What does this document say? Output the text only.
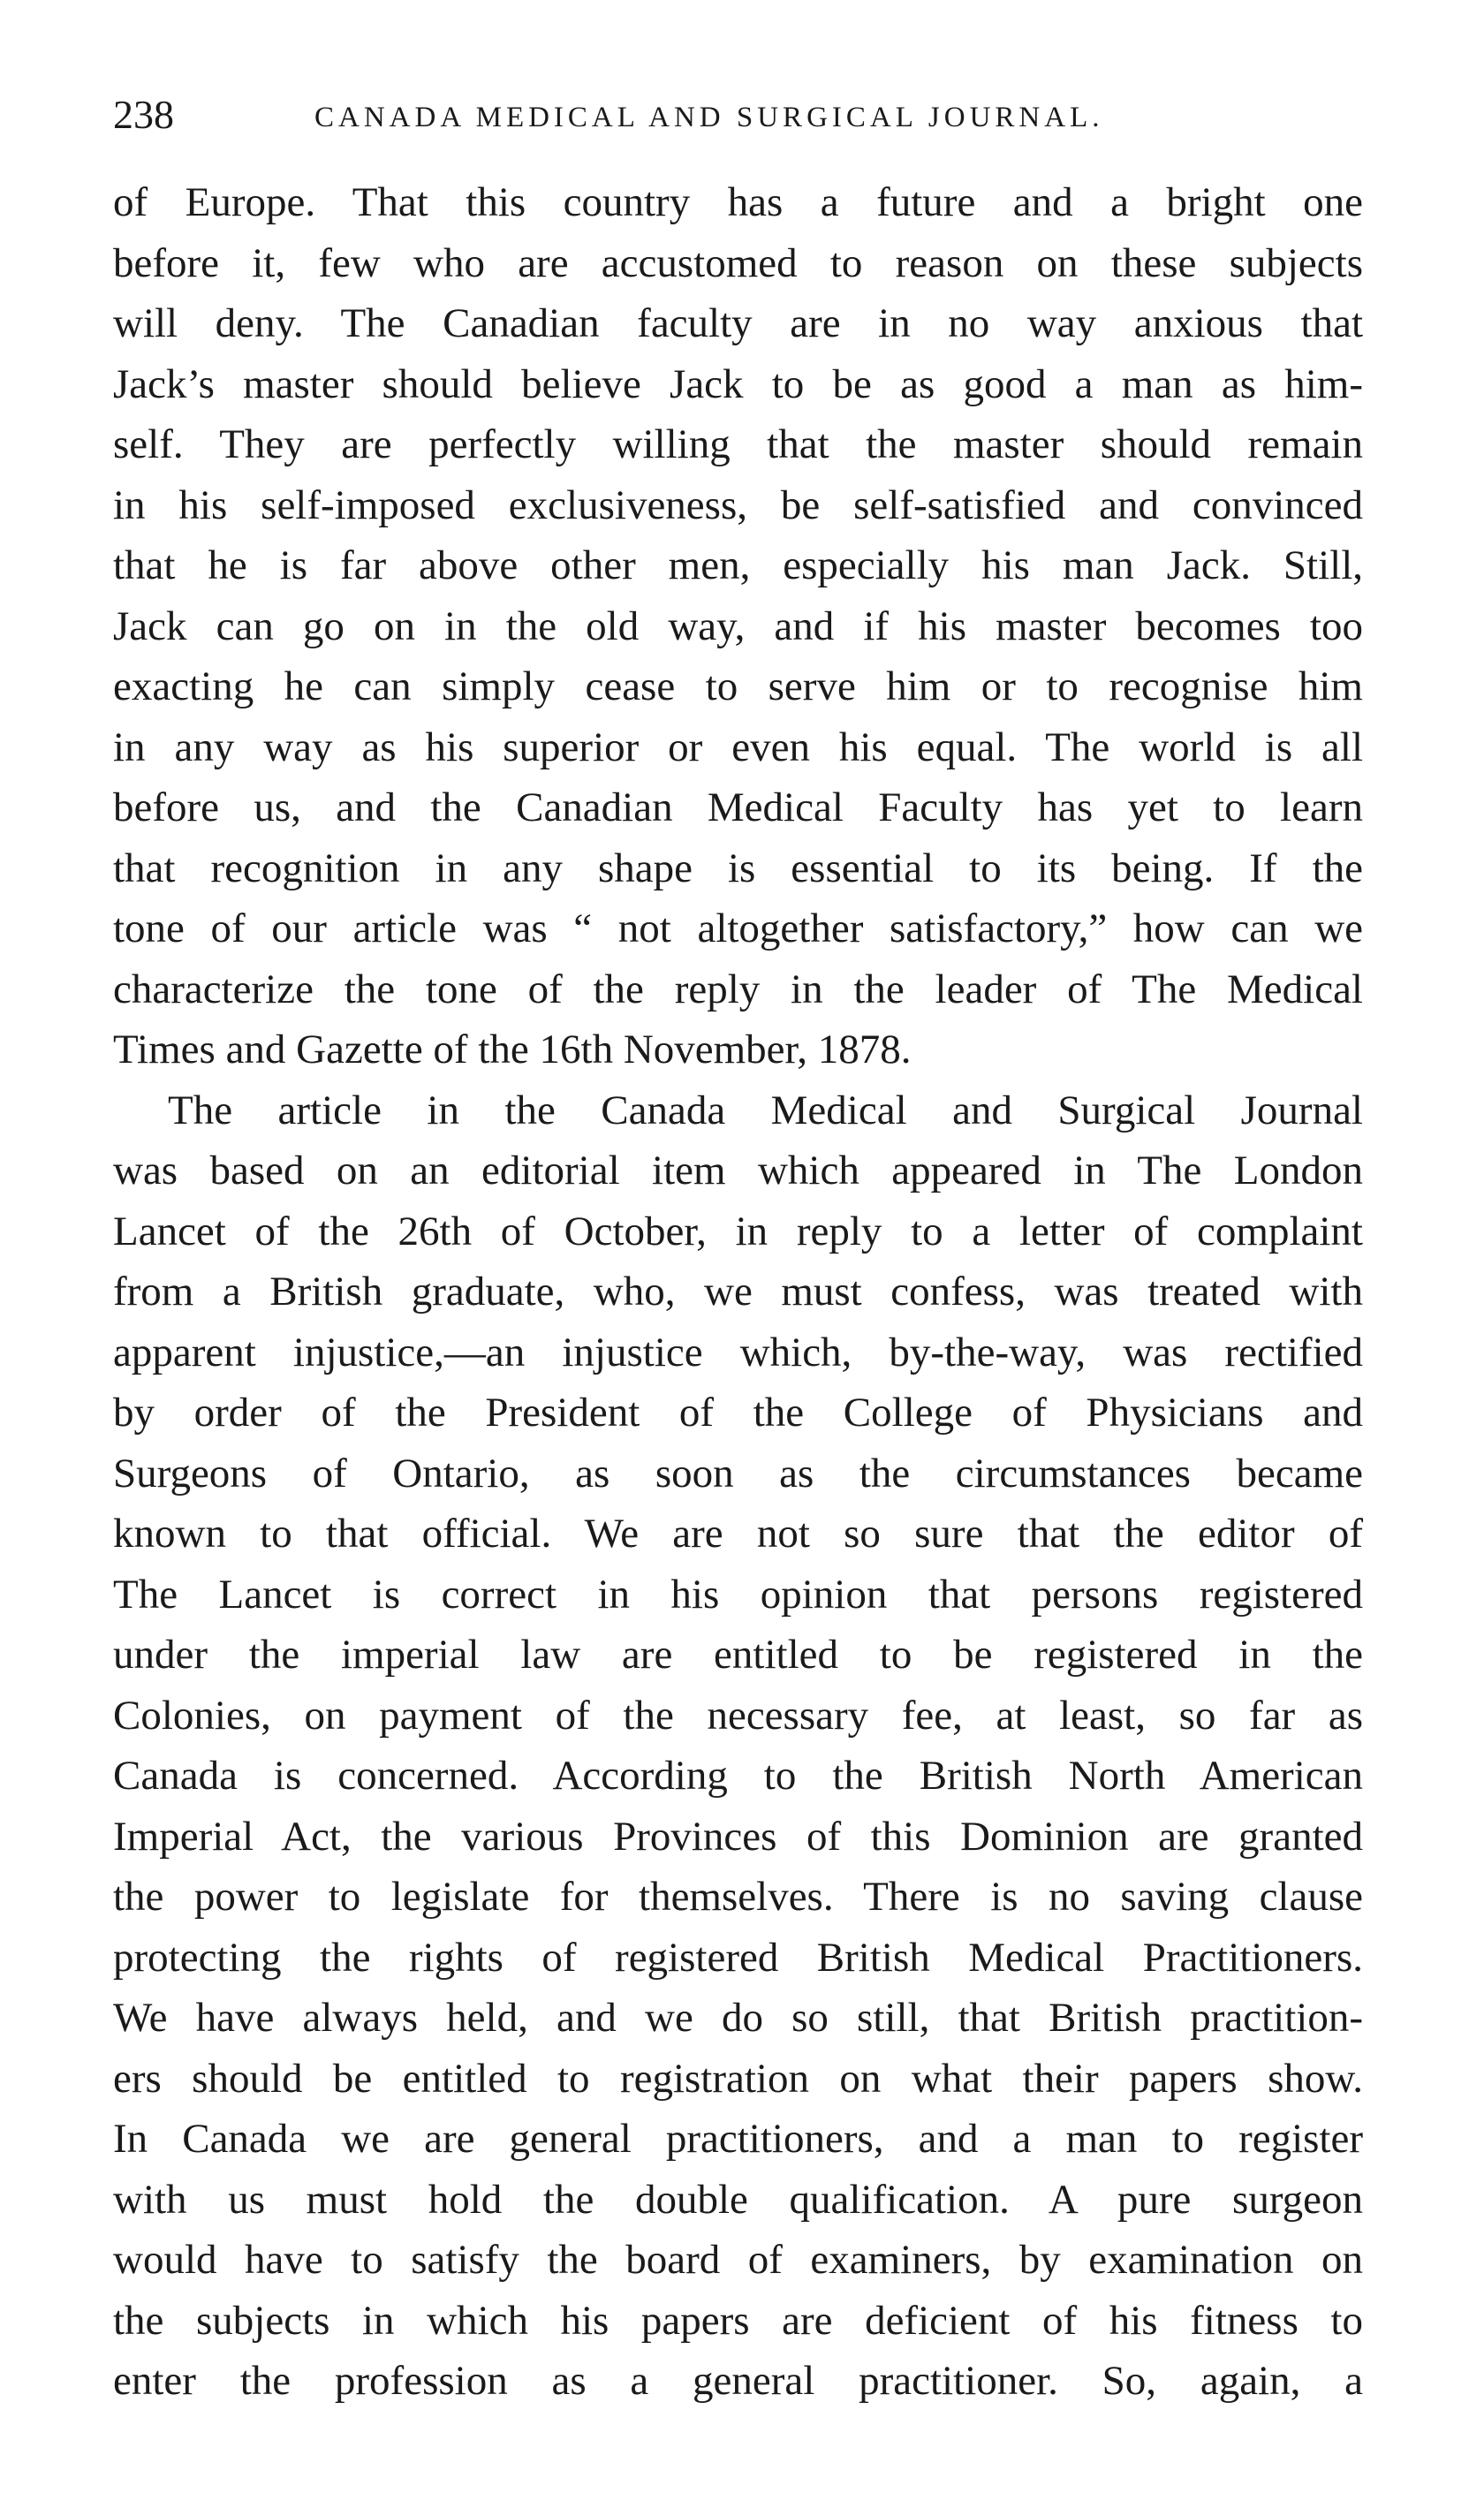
238	CANADA MEDICAL AND SURGICAL JOURNAL.
of Europe. That this country has a future and a bright one
before it, few who are accustomed to reason on these subjects
will deny. The Canadian faculty are in no way anxious that
Jack’s master should believe Jack to be as good a man as him-
self. They are perfectly willing that the master should remain
in his self-imposed exclusiveness, be self-satisfied and convinced
that he is far above other men, especially his man Jack. Still,
Jack can go on in the old way, and if his master becomes too
exacting he can simply cease to serve him or to recognise him
in any way as his superior or even his equal. The world is all
before us, and the Canadian Medical Faculty has yet to learn
that recognition in any shape is essential to its being. If the
tone of our article was “ not altogether satisfactory,” how can we
characterize the tone of the reply in the leader of The Medical
Times and Gazette of the 16th November, 1878.
The article in the Canada Medical and Surgical Journal
was based on an editorial item which appeared in The London
Lancet of the 26th of October, in reply to a letter of complaint
from a British graduate, who, we must confess, was treated with
apparent injustice,—an injustice which, by-the-way, was rectified
by order of the President of the College of Physicians and
Surgeons of Ontario, as soon as the circumstances became
known to that official. We are not so sure that the editor of
The Lancet is correct in his opinion that persons registered
under the imperial law are entitled to be registered in the
Colonies, on payment of the necessary fee, at least, so far as
Canada is concerned. According to the British North American
Imperial Act, the various Provinces of this Dominion are granted
the power to legislate for themselves. There is no saving clause
protecting the rights of registered British Medical Practitioners.
We have always held, and we do so still, that British practition-
ers should be entitled to registration on what their papers show.
In Canada we are general practitioners, and a man to register
with us must hold the double qualification. A pure surgeon
would have to satisfy the board of examiners, by examination on
the subjects in which his papers are deficient of his fitness to
enter the profession as a general practitioner. So, again, a
